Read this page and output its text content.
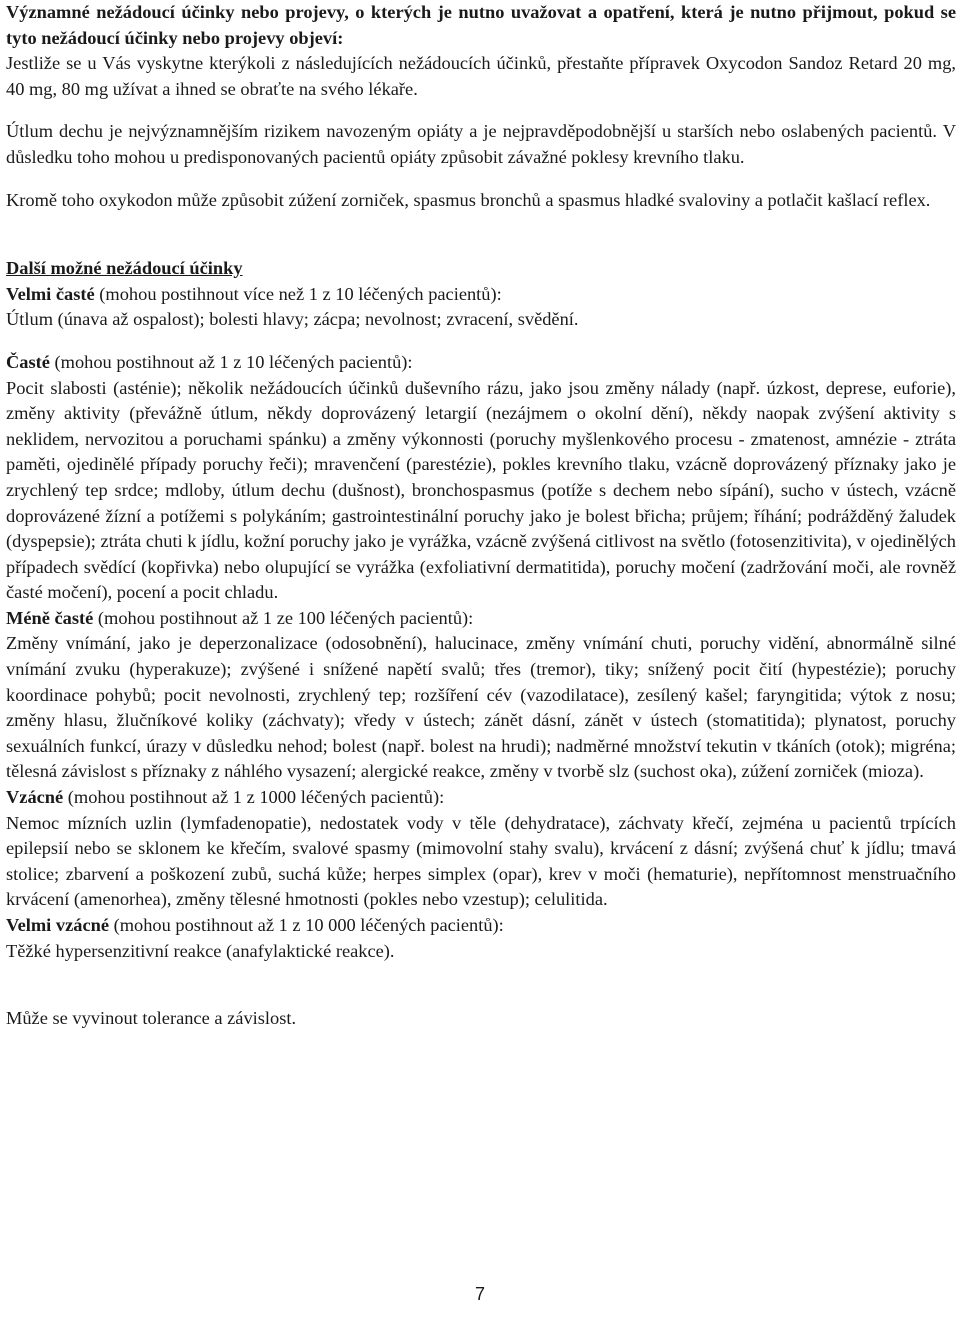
Významné nežádoucí účinky nebo projevy, o kterých je nutno uvažovat a opatření, která je nutno přijmout, pokud se tyto nežádoucí účinky nebo projevy objeví:

Jestliže se u Vás vyskytne kterýkoli z následujících nežádoucích účinků, přestaňte přípravek Oxycodon Sandoz Retard 20 mg, 40 mg, 80 mg užívat a ihned se obraťte na svého lékaře.

Útlum dechu je nejvýznamnějším rizikem navozeným opiáty a je nejpravděpodobnější u starších nebo oslabených pacientů. V důsledku toho mohou u predisponovaných pacientů opiáty způsobit závažné poklesy krevního tlaku.

Kromě toho oxykodon může způsobit zúžení zorniček, spasmus bronchů a spasmus hladké svaloviny a potlačit kašlací reflex.

Další možné nežádoucí účinky

Velmi časté (mohou postihnout více než 1 z 10 léčených pacientů):

Útlum (únava až ospalost); bolesti hlavy; zácpa; nevolnost; zvracení, svědění.

Časté (mohou postihnout až 1 z 10 léčených pacientů):

Pocit slabosti (asténie); několik nežádoucích účinků duševního rázu, jako jsou změny nálady (např. úzkost, deprese, euforie), změny aktivity (převážně útlum, někdy doprovázený letargií (nezájmem o okolní dění), někdy naopak zvýšení aktivity s neklidem, nervozitou a poruchami spánku) a změny výkonnosti (poruchy myšlenkového procesu - zmatenost, amnézie - ztráta paměti, ojedinělé případy poruchy řeči); mravenčení (parestézie), pokles krevního tlaku, vzácně doprovázený příznaky jako je zrychlený tep srdce; mdloby, útlum dechu (dušnost), bronchospasmus (potíže s dechem nebo sípání), sucho v ústech, vzácně doprovázené žízní a potížemi s polykáním; gastrointestinální poruchy jako je bolest břicha; průjem; říhání; podrážděný žaludek (dyspepsie); ztráta chuti k jídlu, kožní poruchy jako je vyrážka, vzácně zvýšená citlivost na světlo (fotosenzitivita), v ojedinělých případech svědící (kopřivka) nebo olupující se vyrážka (exfoliativní dermatitida), poruchy močení (zadržování moči, ale rovněž časté močení), pocení a pocit chladu.

Méně časté (mohou postihnout až 1 ze 100 léčených pacientů):

Změny vnímání, jako je deperzonalizace (odosobnění), halucinace, změny vnímání chuti, poruchy vidění, abnormálně silné vnímání zvuku (hyperakuze); zvýšené i snížené napětí svalů; třes (tremor), tiky; snížený pocit čití (hypestézie); poruchy koordinace pohybů; pocit nevolnosti, zrychlený tep; rozšíření cév (vazodilatace), zesílený kašel; faryngitida; výtok z nosu; změny hlasu, žlučníkové koliky (záchvaty); vředy v ústech; zánět dásní, zánět v ústech (stomatitida); plynatost, poruchy sexuálních funkcí, úrazy v důsledku nehod; bolest (např. bolest na hrudi); nadměrné množství tekutin v tkáních (otok); migréna; tělesná závislost s příznaky z náhlého vysazení; alergické reakce, změny v tvorbě slz (suchost oka), zúžení zorniček (mioza).

Vzácné (mohou postihnout až 1 z 1000 léčených pacientů):

Nemoc mízních uzlin (lymfadenopatie), nedostatek vody v těle (dehydratace), záchvaty křečí, zejména u pacientů trpících epilepsií nebo se sklonem ke křečím, svalové spasmy (mimovolní stahy svalu), krvácení z dásní; zvýšená chuť k jídlu; tmavá stolice; zbarvení a poškození zubů, suchá kůže; herpes simplex (opar), krev v moči (hematurie), nepřítomnost menstruačního krvácení (amenorhea), změny tělesné hmotnosti (pokles nebo vzestup); celulitida.

Velmi vzácné (mohou postihnout až 1 z 10 000 léčených pacientů):

Těžké hypersenzitivní reakce (anafylaktické reakce).

Může se vyvinout tolerance a závislost.

7
